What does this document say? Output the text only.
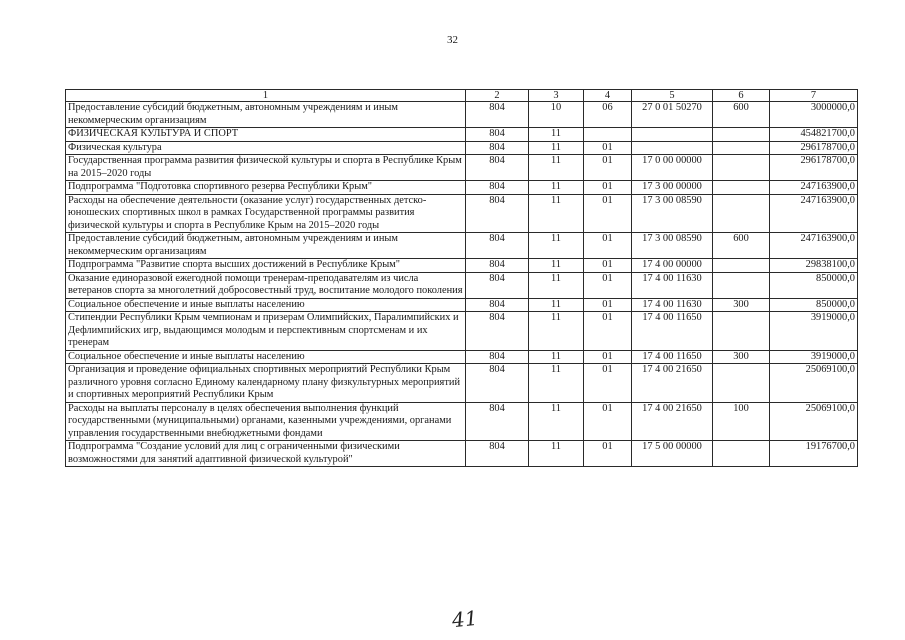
32
1	2	3	4	5	6	7
Предоставление субсидий бюджетным, автономным учреждениям и иным некоммерческим организациям	804	10	06	27 0 01 50270	600	3000000,0
ФИЗИЧЕСКАЯ КУЛЬТУРА И СПОРТ	804	11				454821700,0
Физическая культура	804	11	01			296178700,0
Государственная программа развития физической культуры и спорта в Республике Крым на 2015–2020 годы	804	11	01	17 0 00 00000		296178700,0
Подпрограмма "Подготовка спортивного резерва Республики Крым"	804	11	01	17 3 00 00000		247163900,0
Расходы на обеспечение деятельности (оказание услуг) государственных детско-юношеских спортивных школ в рамках Государственной программы развития физической культуры и спорта в Республике Крым на 2015–2020 годы	804	11	01	17 3 00 08590		247163900,0
Предоставление субсидий бюджетным, автономным учреждениям и иным некоммерческим организациям	804	11	01	17 3 00 08590	600	247163900,0
Подпрограмма "Развитие спорта высших достижений в Республике Крым"	804	11	01	17 4 00 00000		29838100,0
Оказание единоразовой ежегодной помощи тренерам-преподавателям из числа ветеранов спорта за многолетний добросовестный труд, воспитание молодого поколения	804	11	01	17 4 00 11630		850000,0
Социальное обеспечение и иные выплаты населению	804	11	01	17 4 00 11630	300	850000,0
Стипендии Республики Крым чемпионам и призерам Олимпийских, Паралимпийских и Дефлимпийских игр, выдающимся молодым и перспективным спортсменам и их тренерам	804	11	01	17 4 00 11650		3919000,0
Социальное обеспечение и иные выплаты населению	804	11	01	17 4 00 11650	300	3919000,0
Организация и проведение официальных спортивных мероприятий Республики Крым различного уровня согласно Единому календарному плану физкультурных мероприятий и спортивных мероприятий Республики Крым	804	11	01	17 4 00 21650		25069100,0
Расходы на выплаты персоналу в целях обеспечения выполнения функций государственными (муниципальными) органами, казенными учреждениями, органами управления государственными внебюджетными фондами	804	11	01	17 4 00 21650	100	25069100,0
Подпрограмма "Создание условий для лиц с ограниченными физическими возможностями для занятий адаптивной физической культурой"	804	11	01	17 5 00 00000		19176700,0
41
